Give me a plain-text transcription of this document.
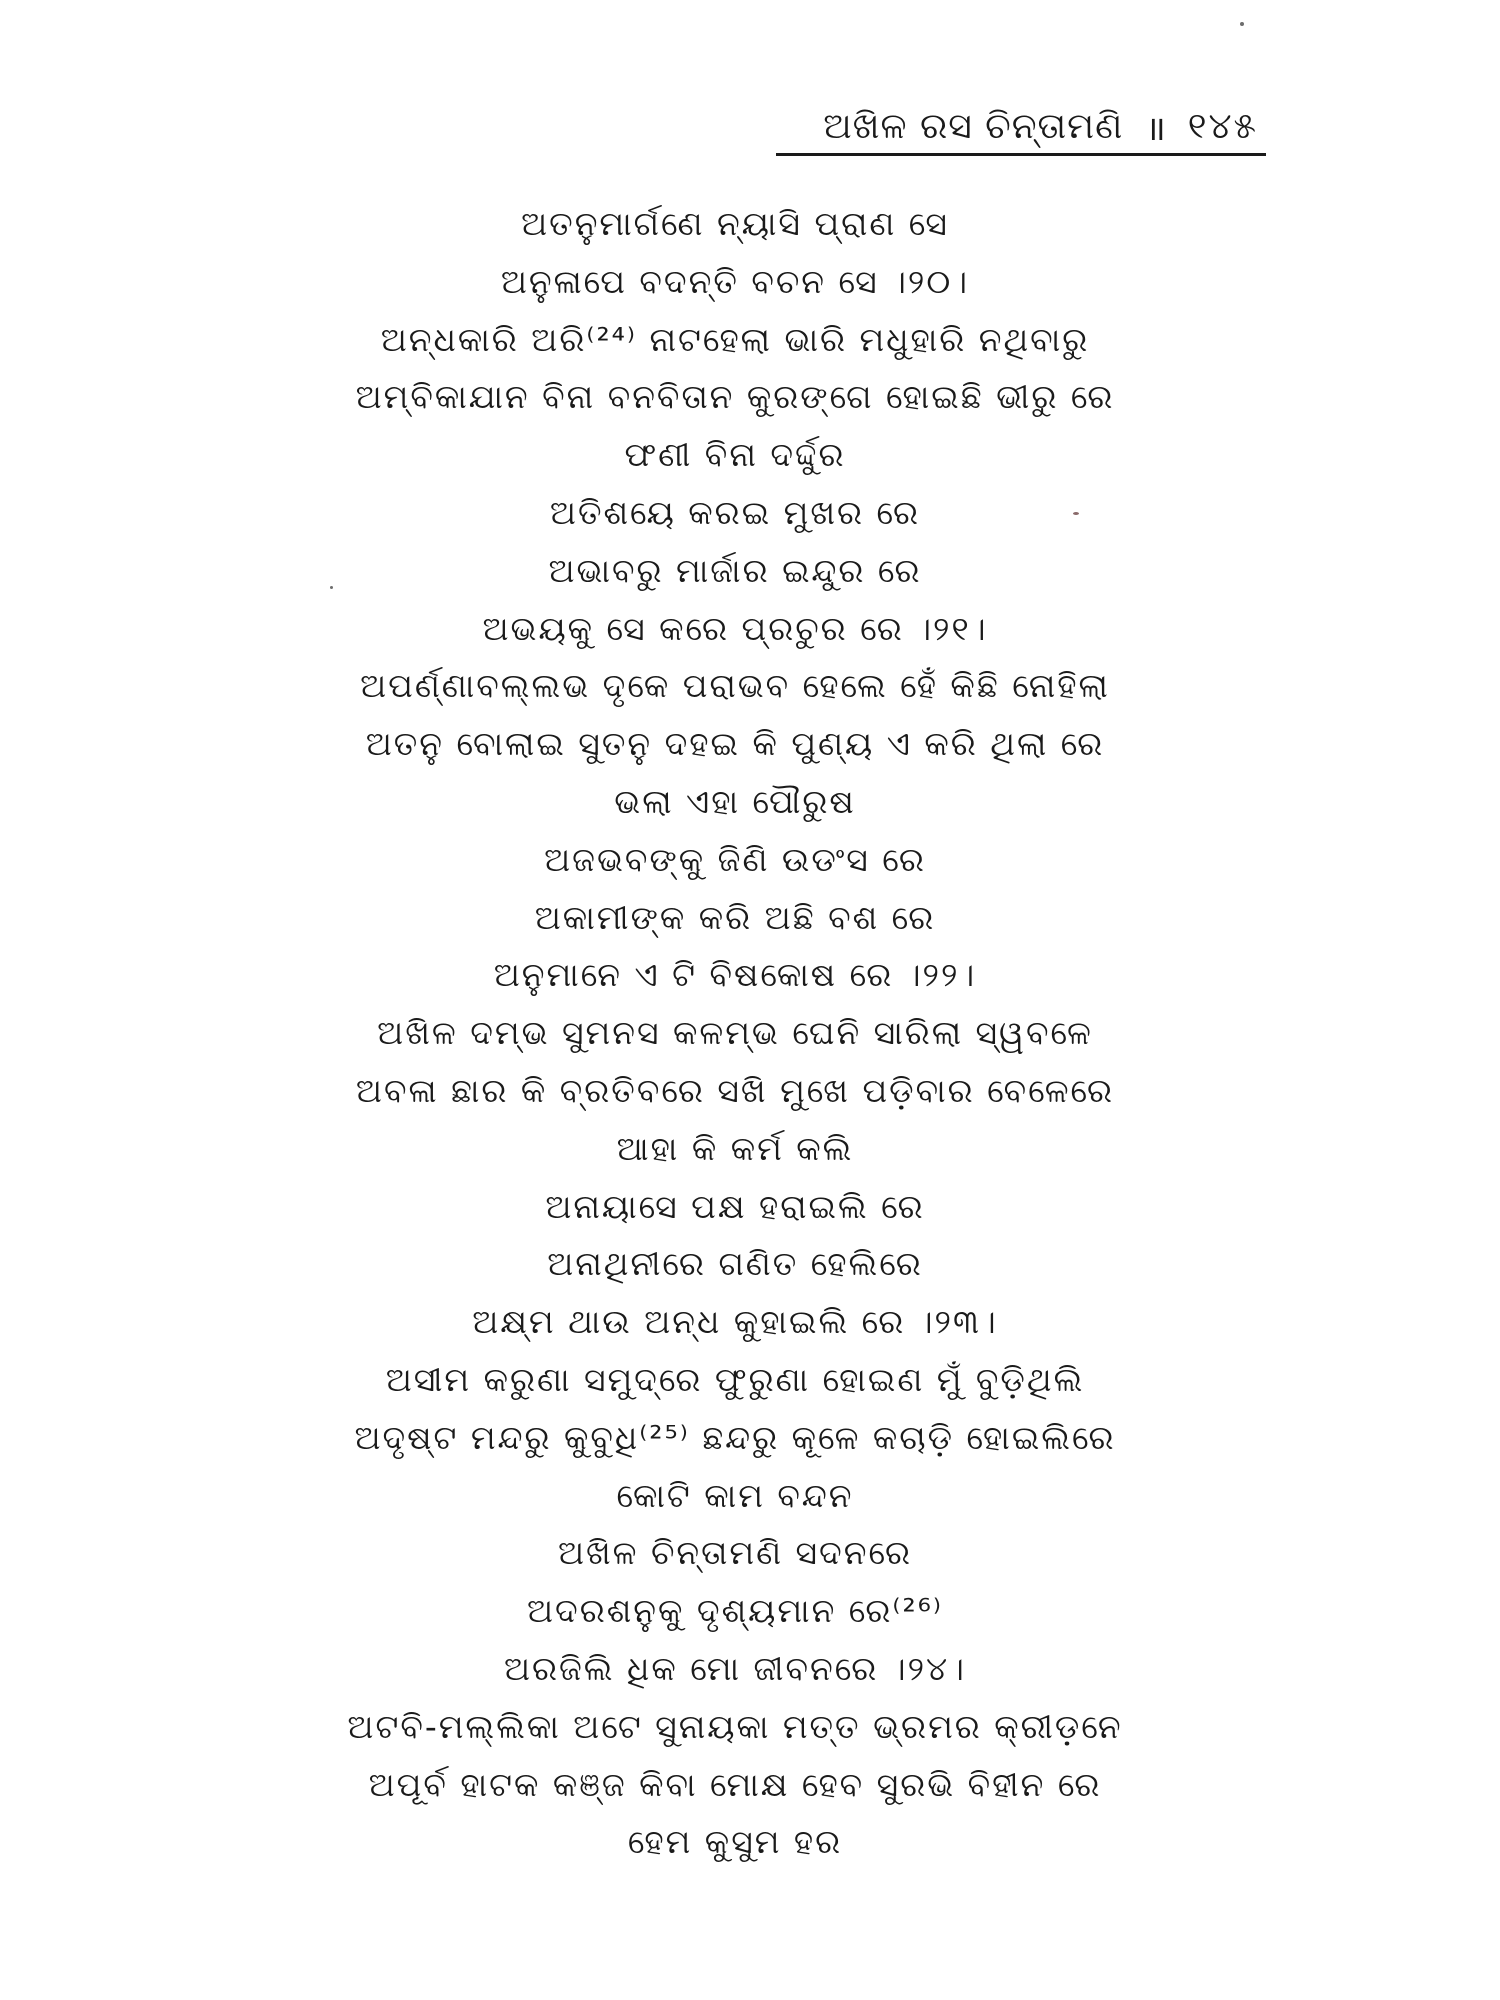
ଅଖିଳ ରସ ଚିନ୍ତାମଣି ॥ ୧୪୫
ଅତନୁମାର୍ଗଣେ ନ୍ୟାସି ପ୍ରାଣ ସେ
ଅନୁଳାପେ ବଦନ୍ତି ବଚନ ସେ ।୨୦।
ଅନ୍ଧକାରି ଅରି⁽²⁴⁾ ନାଟହେଲା ଭାରି ମଧୁହାରି ନଥିବାରୁ
ଅମ୍ବିକାଯାନ ବିନା ବନବିତାନ କୁରଙ୍ଗେ ହୋଇଛି ଭୀରୁ ରେ
ଫଣୀ ବିନା ଦର୍ଦ୍ଦୁର
ଅତିଶୟେ କରଇ ମୁଖର ରେ
ଅଭାବରୁ ମାର୍ଜାର ଇନ୍ଦୁର ରେ
ଅଭୟକୁ ସେ କରେ ପ୍ରଚୁର ରେ ।୨୧।
ଅପର୍ଣ୍ଣାବଲ୍ଲଭ ଦୃକେ ପରାଭବ ହେଲେ ହେଁ କିଛି ନୋହିଲା
ଅତନୁ ବୋଲାଇ ସୁତନୁ ଦହଇ କି ପୁଣ୍ୟ ଏ କରି ଥିଲା ରେ
ଭଲା ଏହା ପୌରୁଷ
ଅଜଭବଙ୍କୁ ଜିଣି ଉଡଂସ ରେ
ଅକାମୀଙ୍କ କରି ଅଛି ବଶ ରେ
ଅନୁମାନେ ଏ ଟି ବିଷକୋଷ ରେ ।୨୨।
ଅଖିଳ ଦମ୍ଭ ସୁମନସ କଳମ୍ଭ ଘେନି ସାରିଲା ସ୍ୱବଳେ
ଅବଳା ଛାର କି ବ୍ରତିବରେ ସଖି ମୁଖେ ପଡ଼ିବାର ବେଳେରେ
ଆହା କି କର୍ମ କଲି
ଅନାୟାସେ ପକ୍ଷ ହରାଇଲି ରେ
ଅନାଥିନୀରେ ଗଣିତ ହେଲିରେ
ଅକ୍ଷ୍ମ ଥାଉ ଅନ୍ଧ କୁହାଇଲି ରେ ।୨୩।
ଅସୀମ କରୁଣା ସମୁଦ୍ରେ ଫୁରୁଣା ହୋଇଣ ମୁଁ ବୁଡ଼ିଥିଲି
ଅଦୃଷ୍ଟ ମନ୍ଦରୁ କୁବୁଧି⁽²⁵⁾ ଛନ୍ଦରୁ କୂଳେ କଚାଡ଼ି ହୋଇଲିରେ
କୋଟି କାମ ବନ୍ଦନ
ଅଖିଳ ଚିନ୍ତାମଣି ସଦନରେ
ଅଦରଶନୁକୁ ଦୃଶ୍ୟମାନ ରେ⁽²⁶⁾
ଅରଜିଲି ଧିକ ମୋ ଜୀବନରେ ।୨୪।
ଅଟବି-ମଲ୍ଲିକା ଅଟେ ସୁନାୟକା ମତ୍ତ ଭ୍ରମର କ୍ରୀଡ଼ନେ
ଅପୂର୍ବ ହାଟକ କଞ୍ଜ କିବା ମୋକ୍ଷ ହେବ ସୁରଭି ବିହୀନ ରେ
ହେମ କୁସୁମ ହର
